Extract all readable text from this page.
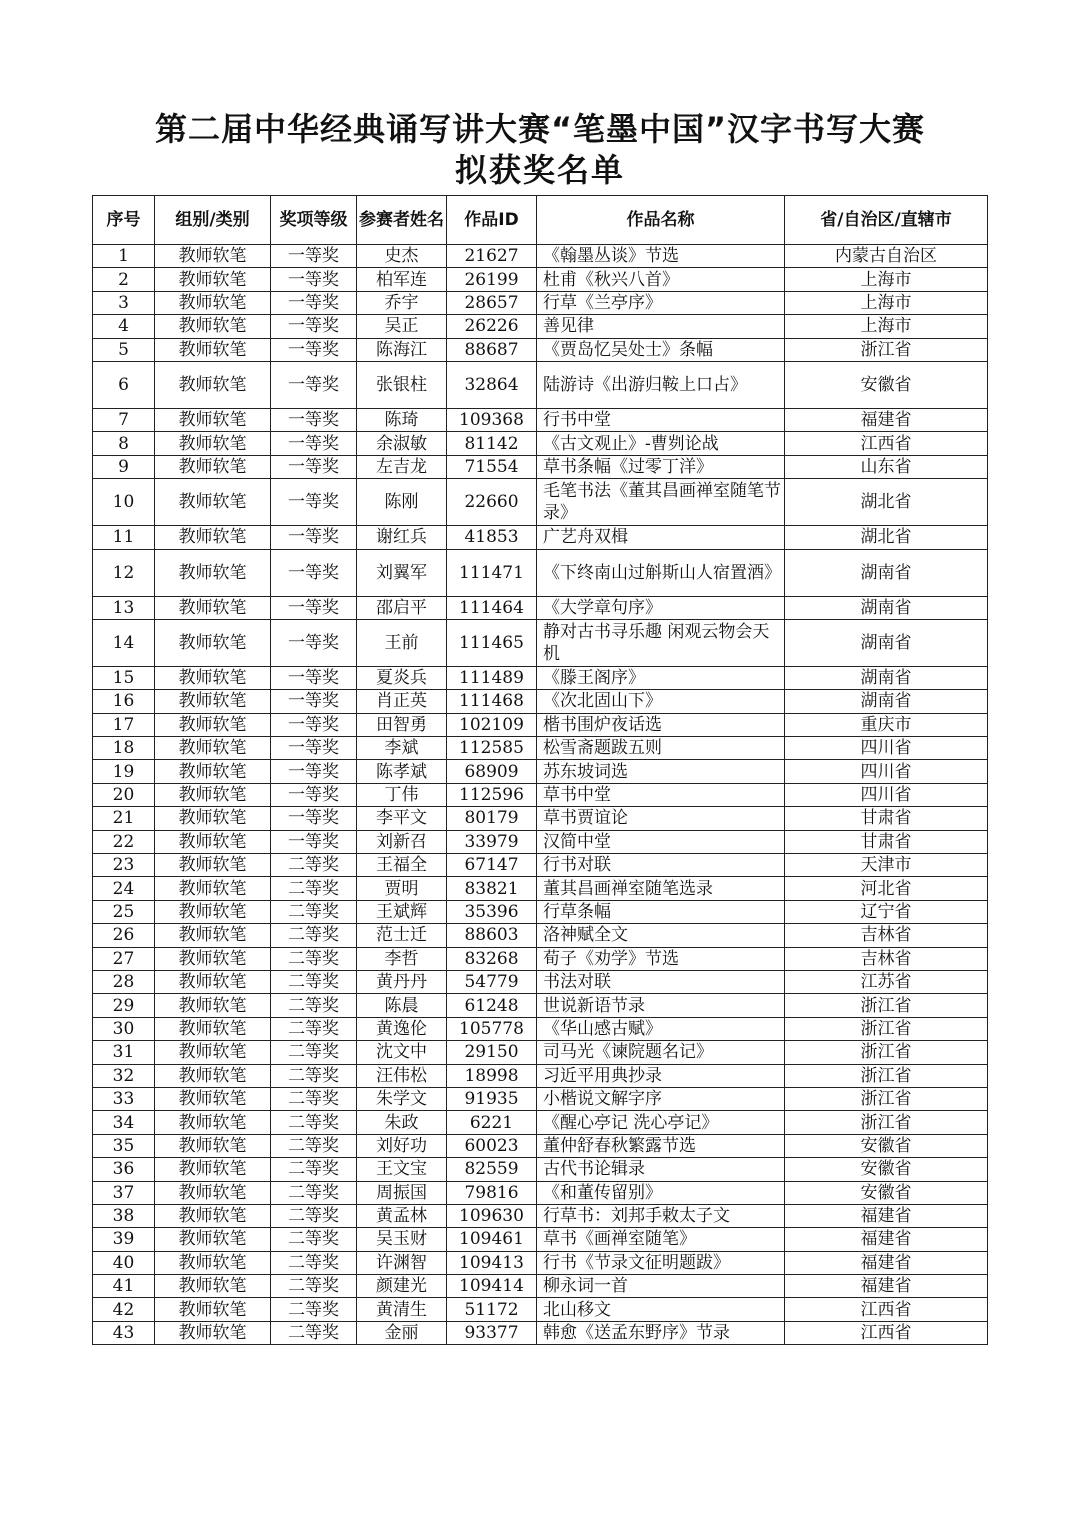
第二届中华经典诵写讲大赛“笔墨中国”汉字书写大赛
拟获奖名单
序号	组别/类别	奖项等级	参赛者姓名	作品ID	作品名称	省/自治区/直辖市
1	教师软笔	一等奖	史杰	21627	《翰墨丛谈》节选	内蒙古自治区
2	教师软笔	一等奖	柏军连	26199	杜甫《秋兴八首》	上海市
3	教师软笔	一等奖	乔宇	28657	行草《兰亭序》	上海市
4	教师软笔	一等奖	吴正	26226	善见律	上海市
5	教师软笔	一等奖	陈海江	88687	《贾岛忆吴处士》条幅	浙江省
6	教师软笔	一等奖	张银柱	32864	陆游诗《出游归鞍上口占》	安徽省
7	教师软笔	一等奖	陈琦	109368	行书中堂	福建省
8	教师软笔	一等奖	余淑敏	81142	《古文观止》-曹刿论战	江西省
9	教师软笔	一等奖	左吉龙	71554	草书条幅《过零丁洋》	山东省
10	教师软笔	一等奖	陈刚	22660	毛笔书法《董其昌画禅室随笔节录》	湖北省
11	教师软笔	一等奖	谢红兵	41853	广艺舟双楫	湖北省
12	教师软笔	一等奖	刘翼军	111471	《下终南山过斛斯山人宿置酒》	湖南省
13	教师软笔	一等奖	邵启平	111464	《大学章句序》	湖南省
14	教师软笔	一等奖	王前	111465	静对古书寻乐趣 闲观云物会天机	湖南省
15	教师软笔	一等奖	夏炎兵	111489	《滕王阁序》	湖南省
16	教师软笔	一等奖	肖正英	111468	《次北固山下》	湖南省
17	教师软笔	一等奖	田智勇	102109	楷书围炉夜话选	重庆市
18	教师软笔	一等奖	李斌	112585	松雪斋题跋五则	四川省
19	教师软笔	一等奖	陈孝斌	68909	苏东坡词选	四川省
20	教师软笔	一等奖	丁伟	112596	草书中堂	四川省
21	教师软笔	一等奖	李平文	80179	草书贾谊论	甘肃省
22	教师软笔	一等奖	刘新召	33979	汉简中堂	甘肃省
23	教师软笔	二等奖	王福全	67147	行书对联	天津市
24	教师软笔	二等奖	贾明	83821	董其昌画禅室随笔选录	河北省
25	教师软笔	二等奖	王斌辉	35396	行草条幅	辽宁省
26	教师软笔	二等奖	范士迁	88603	洛神赋全文	吉林省
27	教师软笔	二等奖	李哲	83268	荀子《劝学》节选	吉林省
28	教师软笔	二等奖	黄丹丹	54779	书法对联	江苏省
29	教师软笔	二等奖	陈晨	61248	世说新语节录	浙江省
30	教师软笔	二等奖	黄逸伦	105778	《华山感古赋》	浙江省
31	教师软笔	二等奖	沈文中	29150	司马光《谏院题名记》	浙江省
32	教师软笔	二等奖	汪伟松	18998	习近平用典抄录	浙江省
33	教师软笔	二等奖	朱学文	91935	小楷说文解字序	浙江省
34	教师软笔	二等奖	朱政	6221	《醒心亭记 洗心亭记》	浙江省
35	教师软笔	二等奖	刘好功	60023	董仲舒春秋繁露节选	安徽省
36	教师软笔	二等奖	王文宝	82559	古代书论辑录	安徽省
37	教师软笔	二等奖	周振国	79816	《和董传留别》	安徽省
38	教师软笔	二等奖	黄孟林	109630	行草书：刘邦手敕太子文	福建省
39	教师软笔	二等奖	吴玉财	109461	草书《画禅室随笔》	福建省
40	教师软笔	二等奖	许渊智	109413	行书《节录文征明题跋》	福建省
41	教师软笔	二等奖	颜建光	109414	柳永词一首	福建省
42	教师软笔	二等奖	黄清生	51172	北山移文	江西省
43	教师软笔	二等奖	金丽	93377	韩愈《送孟东野序》节录	江西省
